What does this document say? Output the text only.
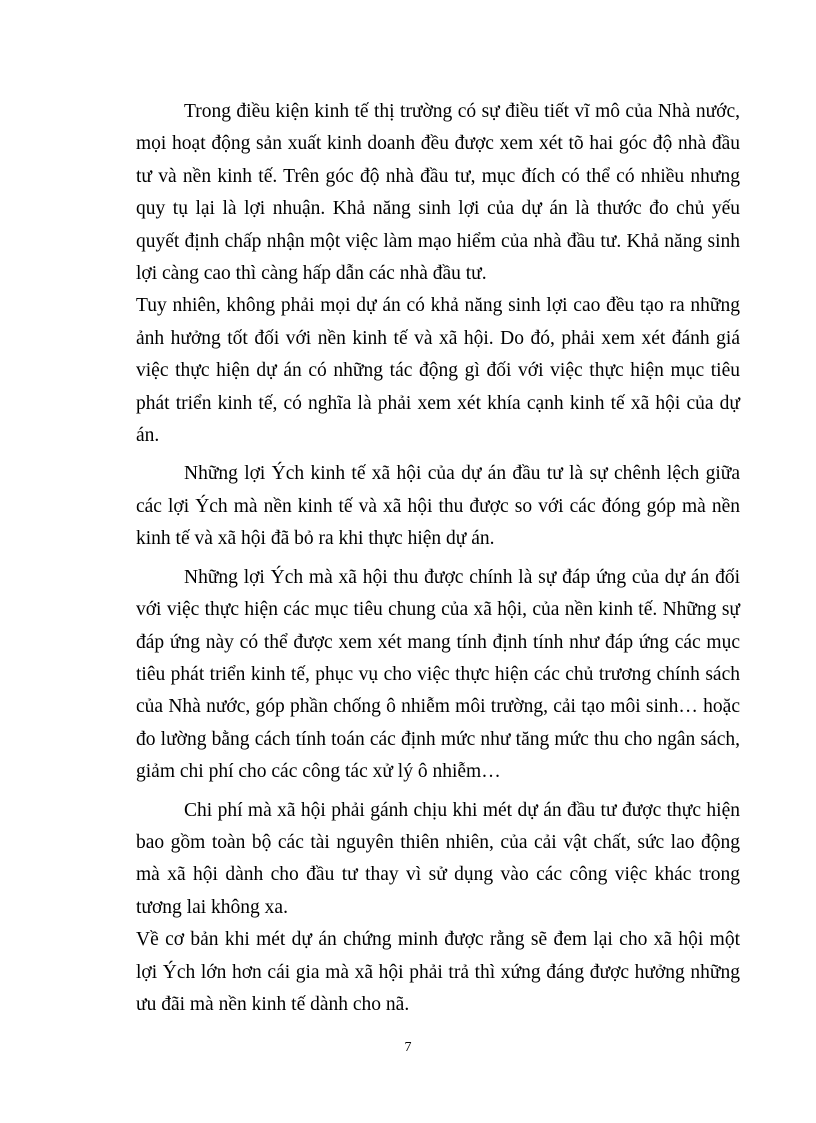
Trong điều kiện kinh tế thị trường có sự điều tiết vĩ mô của Nhà nước, mọi hoạt động sản xuất kinh doanh đều được xem xét tõ hai góc độ nhà đầu tư và nền kinh tế. Trên góc độ nhà đầu tư, mục đích có thể có nhiều nhưng quy tụ lại là lợi nhuận. Khả năng sinh lợi của dự án là thước đo chủ yếu quyết định chấp nhận một việc làm mạo hiểm của nhà đầu tư. Khả năng sinh lợi càng cao thì càng hấp dẫn các nhà đầu tư.

Tuy nhiên, không phải mọi dự án có khả năng sinh lợi cao đều tạo ra những ảnh hưởng tốt đối với nền kinh tế và xã hội. Do đó, phải xem xét đánh giá việc thực hiện dự án có những tác động gì đối với việc thực hiện mục tiêu phát triển kinh tế, có nghĩa là phải xem xét khía cạnh kinh tế xã hội của dự án.

Những lợi Ých kinh tế xã hội của dự án đầu tư là sự chênh lệch giữa các lợi Ých mà nền kinh tế và xã hội thu được so với các đóng góp mà nền kinh tế và xã hội đã bỏ ra khi thực hiện dự án.

Những lợi Ých mà xã hội thu được chính là sự đáp ứng của dự án đối với việc thực hiện các mục tiêu chung của xã hội, của nền kinh tế. Những sự đáp ứng này có thể được xem xét mang tính định tính như đáp ứng các mục tiêu phát triển kinh tế, phục vụ cho việc thực hiện các chủ trương chính sách của Nhà nước, góp phần chống ô nhiễm môi trường, cải tạo môi sinh… hoặc đo lường bằng cách tính toán các định mức như tăng mức thu cho ngân sách, giảm chi phí cho các công tác xử lý ô nhiễm…

Chi phí mà xã hội phải gánh chịu khi mét dự án đầu tư được thực hiện bao gồm toàn bộ các tài nguyên thiên nhiên, của cải vật chất, sức lao động mà xã hội dành cho đầu tư thay vì sử dụng vào các công việc khác trong tương lai không xa.

Về cơ bản khi mét dự án chứng minh được rằng sẽ đem lại cho xã hội một lợi Ých lớn hơn cái gia mà xã hội phải trả thì xứng đáng được hưởng những ưu đãi mà nền kinh tế dành cho nã.

7
